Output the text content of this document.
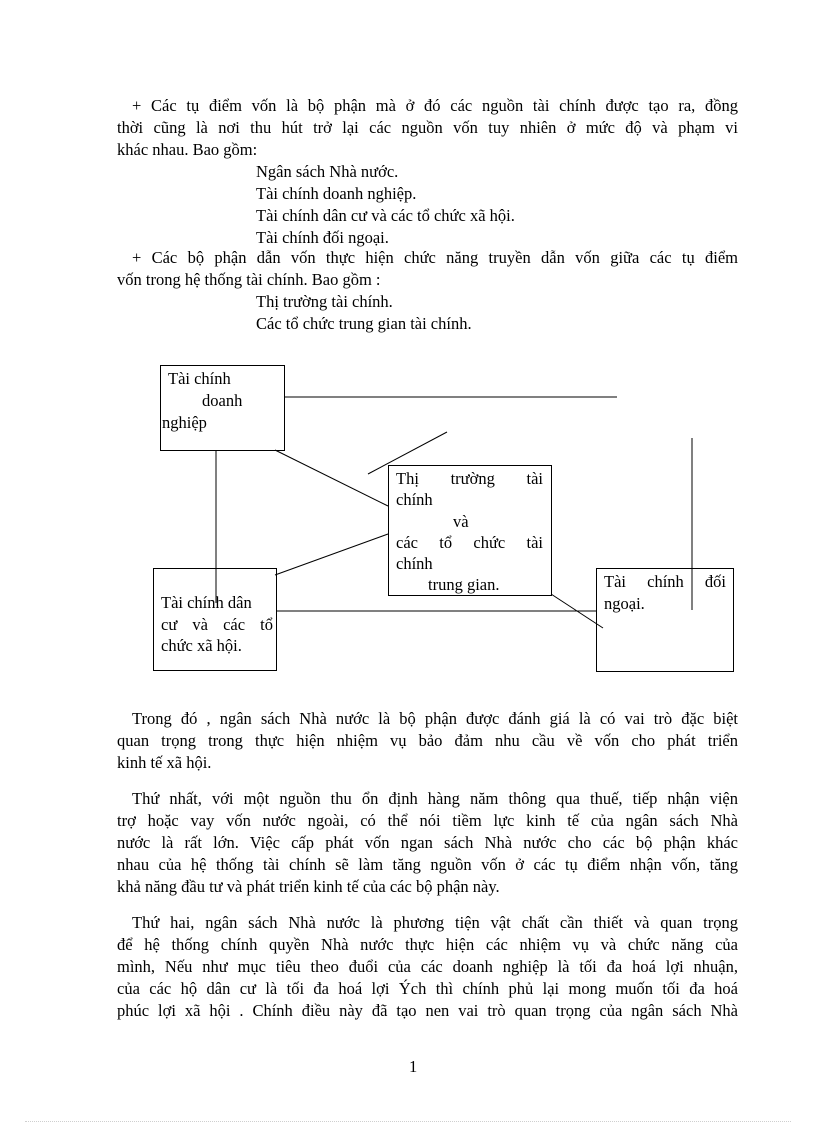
+ Các tụ điểm vốn là bộ phận mà ở đó các nguồn tài chính được tạo ra, đồng
thời cũng là nơi thu hút trở lại các nguồn vốn tuy nhiên ở mức độ và phạm vi
khác nhau. Bao gồm:
Ngân sách Nhà nước.
Tài chính doanh nghiệp.
Tài chính dân cư và các tổ chức xã hội.
Tài chính đối ngoại.
+ Các bộ phận dẫn vốn thực hiện chức năng truyền dẫn vốn giữa các tụ điểm
vốn trong hệ thống tài chính. Bao gồm :
Thị trường tài chính.
Các tổ chức trung gian tài chính.
Tài chính
doanh
nghiệp
Thị trường tài
chính
và
các tổ chức tài
chính
trung gian.
Tài chính dân
cư và các tổ
chức xã hội.
Tài chính đối
ngoại.
Trong đó , ngân sách Nhà nước là bộ phận được đánh giá là có vai trò đặc biệt
quan trọng trong thực hiện nhiệm vụ bảo đảm nhu cầu về vốn cho phát triển
kinh tế xã hội.
Thứ nhất, với một nguồn thu ổn định hàng năm thông qua thuế, tiếp nhận viện
trợ hoặc vay vốn nước ngoài, có thể nói tiềm lực kinh tế của ngân sách Nhà
nước là rất lớn. Việc cấp phát vốn ngan sách Nhà nước cho các bộ phận khác
nhau của hệ thống tài chính sẽ làm tăng nguồn vốn ở các tụ điểm nhận vốn, tăng
khả năng đầu tư và phát triển kinh tế của các bộ phận này.
Thứ hai, ngân sách Nhà nước là phương tiện vật chất cần thiết và quan trọng
để hệ thống chính quyền Nhà nước thực hiện các nhiệm vụ và chức năng của
mình, Nếu như mục tiêu theo đuổi của các doanh nghiệp là tối đa hoá lợi nhuận,
của các hộ dân cư là tối đa hoá lợi Ých thì chính phủ lại mong muốn tối đa hoá
phúc lợi xã hội . Chính điều này đã tạo nen vai trò quan trọng của ngân sách Nhà
1
